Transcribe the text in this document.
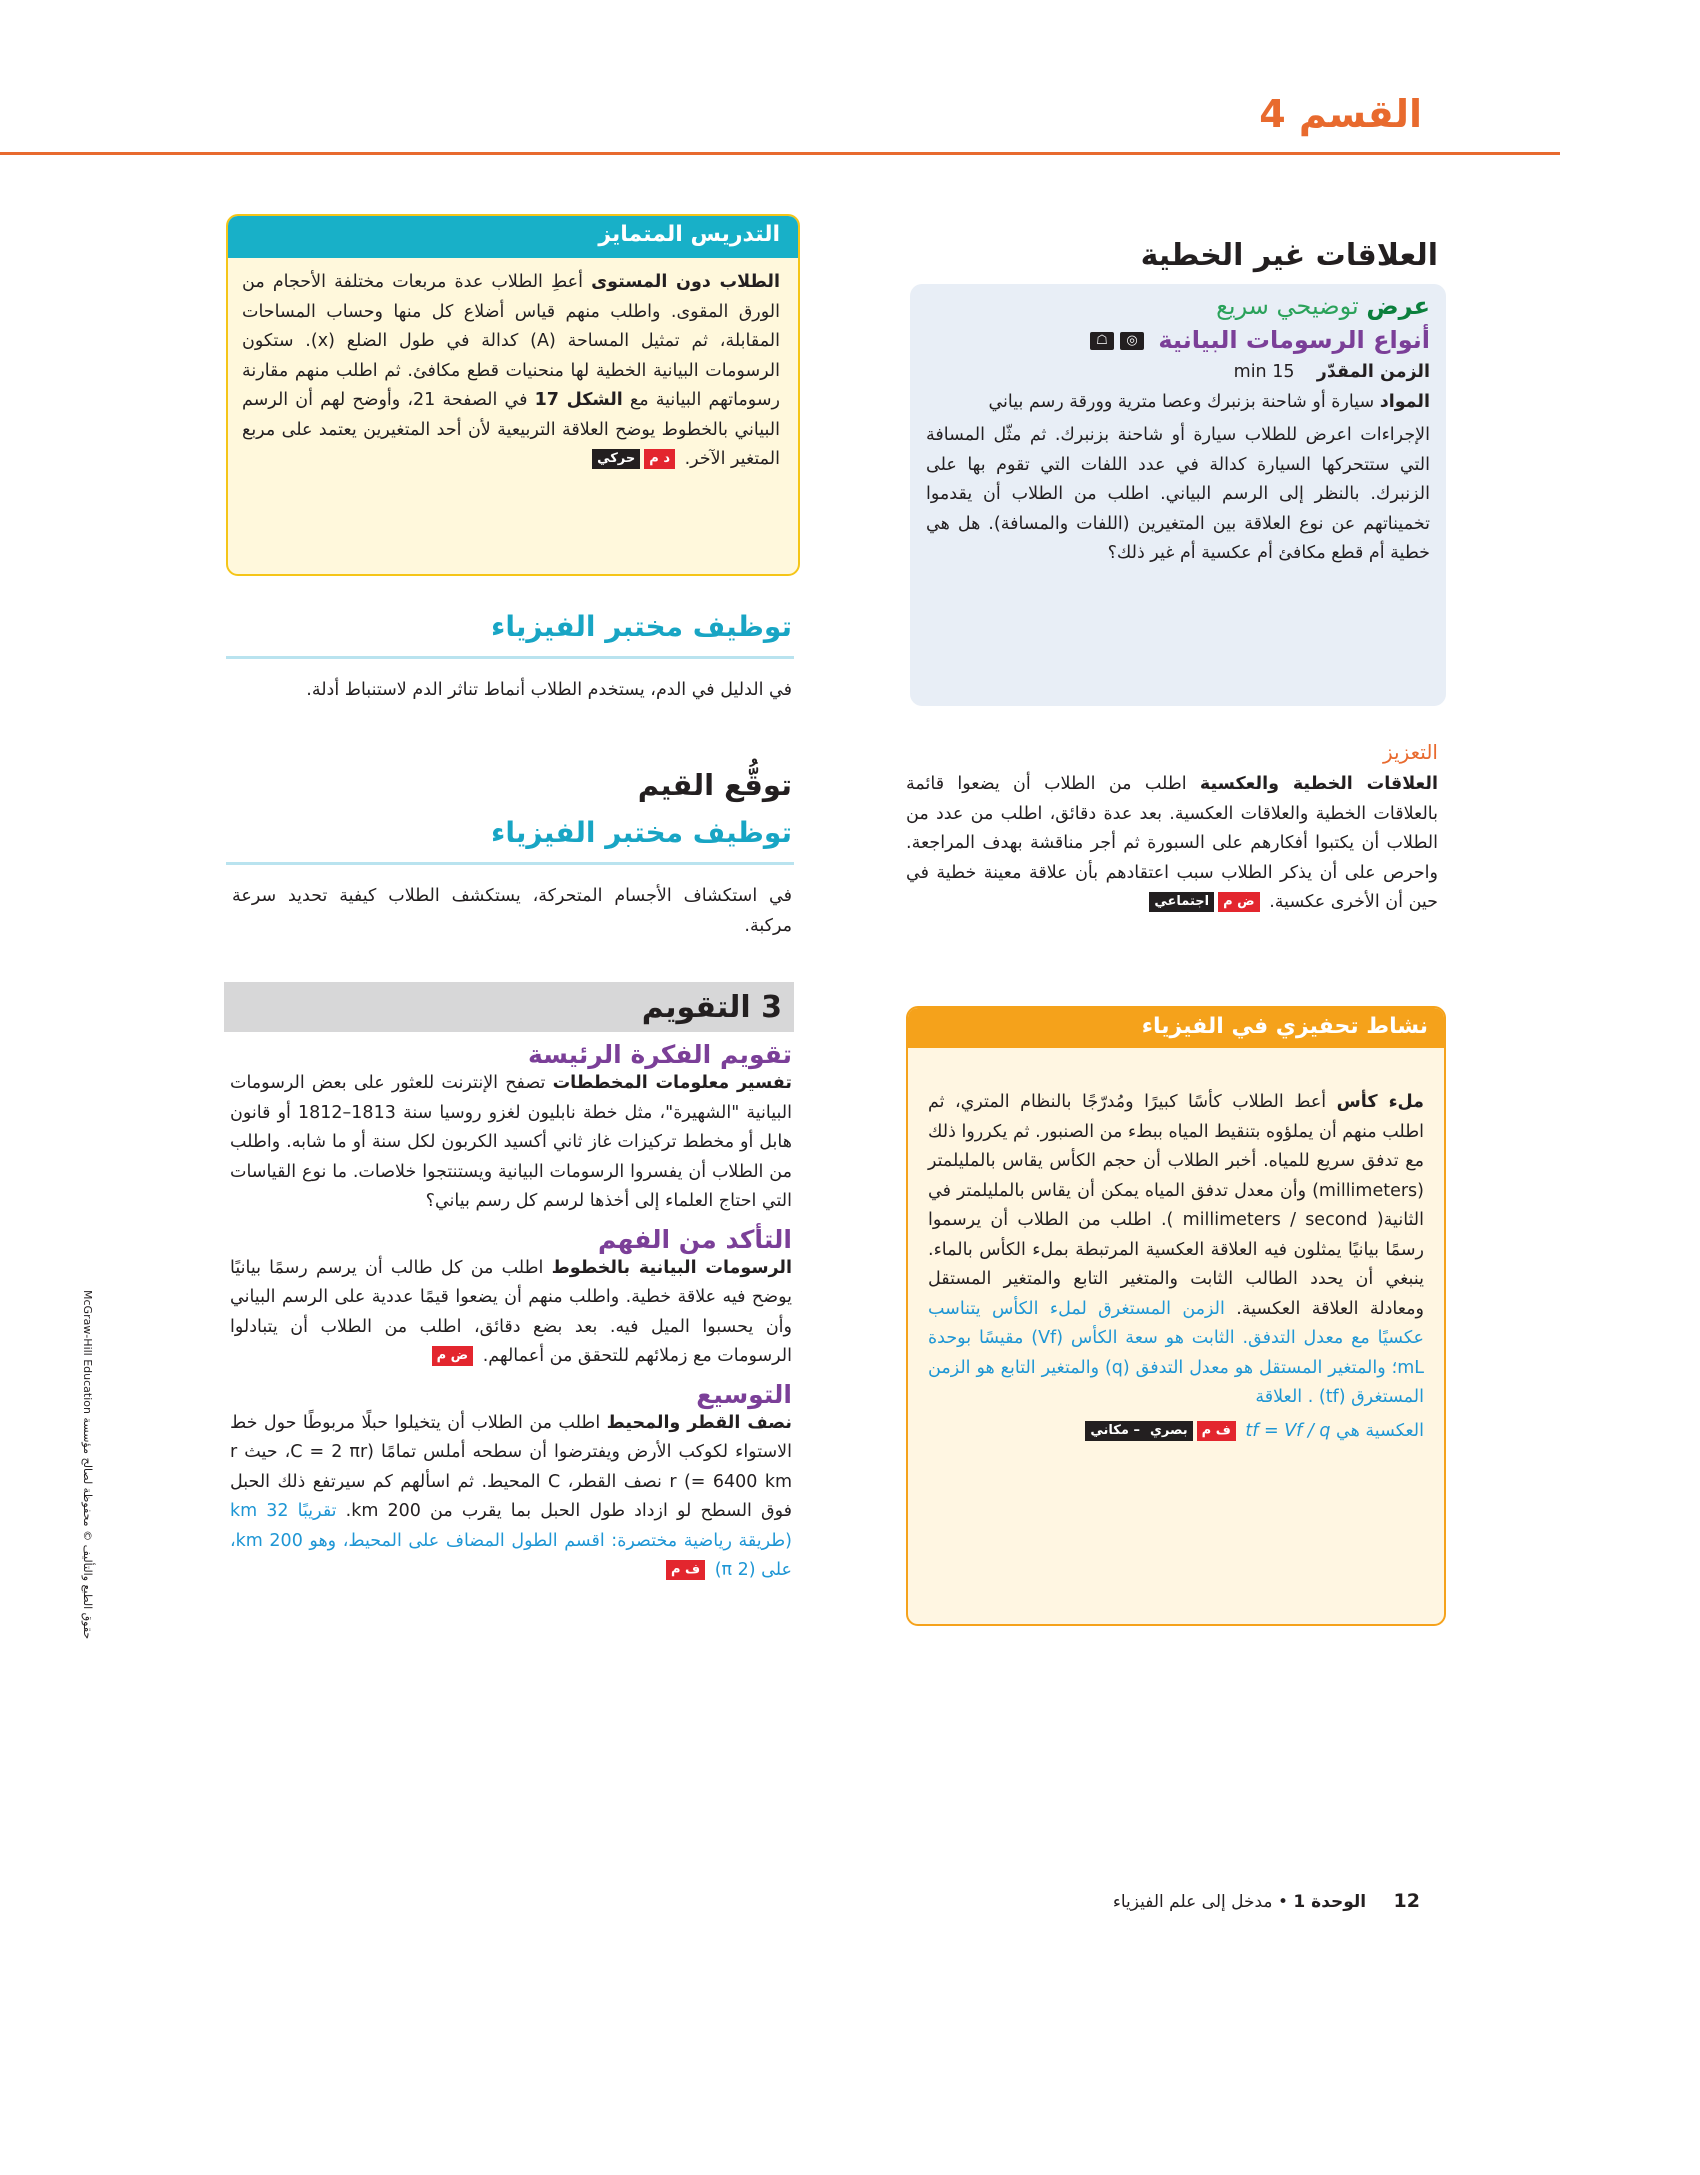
القسم 4
العلاقات غير الخطية

عرض توضيحي سريع

أنواع الرسومات البيانية ◎☖

الزمن المقدّر    15 min

المواد سيارة أو شاحنة بزنبرك وعصا مترية وورقة رسم بياني

الإجراءات اعرض للطلاب سيارة أو شاحنة بزنبرك. ثم مثّل المسافة التي ستتحركها السيارة كدالة في عدد اللفات التي تقوم بها على الزنبرك. بالنظر إلى الرسم البياني. اطلب من الطلاب أن يقدموا تخميناتهم عن نوع العلاقة بين المتغيرين (اللفات والمسافة). هل هي خطية أم قطع مكافئ أم عكسية أم غير ذلك؟

التعزيز

العلاقات الخطية والعكسية اطلب من الطلاب أن يضعوا قائمة بالعلاقات الخطية والعلاقات العكسية. بعد عدة دقائق، اطلب من عدد من الطلاب أن يكتبوا أفكارهم على السبورة ثم أجر مناقشة بهدف المراجعة. واحرص على أن يذكر الطلاب سبب اعتقادهم بأن علاقة معينة خطية في حين أن الأخرى عكسية. ض ماجتماعي

نشاط تحفيزي في الفيزياء

ملء كأس أعط الطلاب كأسًا كبيرًا ومُدرّجًا بالنظام المتري، ثم اطلب منهم أن يملؤوه بتنقيط المياه ببطء من الصنبور. ثم يكرروا ذلك مع تدفق سريع للمياه. أخبر الطلاب أن حجم الكأس يقاس بالمليلمتر (millimeters) وأن معدل تدفق المياه يمكن أن يقاس بالمليلمتر في الثانية( millimeters / second ). اطلب من الطلاب أن يرسموا رسمًا بيانيًا يمثلون فيه العلاقة العكسية المرتبطة بملء الكأس بالماء. ينبغي أن يحدد الطالب الثابت والمتغير التابع والمتغير المستقل ومعادلة العلاقة العكسية. الزمن المستغرق لملء الكأس يتناسب عكسيًا مع معدل التدفق. الثابت هو سعة الكأس (Vf) مقيسًا بوحدة mL؛ والمتغير المستقل هو معدل التدفق (q) والمتغير التابع هو الزمن المستغرق (tf) . العلاقة

العكسية هي tf = Vf / q ف مبصري– مكاني

التدريس المتمايز

الطلاب دون المستوى أعطِ الطلاب عدة مربعات مختلفة الأحجام من الورق المقوى. واطلب منهم قياس أضلاع كل منها وحساب المساحات المقابلة، ثم تمثيل المساحة (A) كدالة في طول الضلع (x). ستكون الرسومات البيانية الخطية لها منحنيات قطع مكافئ. ثم اطلب منهم مقارنة رسوماتهم البيانية مع الشكل 17 في الصفحة 21، وأوضح لهم أن الرسم البياني بالخطوط يوضح العلاقة التربيعية لأن أحد المتغيرين يعتمد على مربع المتغير الآخر. د محركي

توظيف مختبر الفيزياء

في الدليل في الدم، يستخدم الطلاب أنماط تناثر الدم لاستنباط أدلة.

توقُّع القيم

توظيف مختبر الفيزياء

في استكشاف الأجسام المتحركة، يستكشف الطلاب كيفية تحديد سرعة مركبة.

3 التقويم

تقويم الفكرة الرئيسة

تفسير معلومات المخططات تصفح الإنترنت للعثور على بعض الرسومات البيانية "الشهيرة"، مثل خطة نابليون لغزو روسيا سنة 1813–1812 أو قانون هابل أو مخطط تركيزات غاز ثاني أكسيد الكربون لكل سنة أو ما شابه. واطلب من الطلاب أن يفسروا الرسومات البيانية ويستنتجوا خلاصات. ما نوع القياسات التي احتاج العلماء إلى أخذها لرسم كل رسم بياني؟

التأكد من الفهم

الرسومات البيانية بالخطوط اطلب من كل طالب أن يرسم رسمًا بيانيًا يوضح فيه علاقة خطية. واطلب منهم أن يضعوا قيمًا عددية على الرسم البياني وأن يحسبوا الميل فيه. بعد بضع دقائق، اطلب من الطلاب أن يتبادلوا الرسومات مع زملائهم للتحقق من أعمالهم. ض م

التوسيع

نصف القطر والمحيط اطلب من الطلاب أن يتخيلوا حبلًا مربوطًا حول خط الاستواء لكوكب الأرض ويفترضوا أن سطحه أملس تمامًا (C = 2 πr، حيث r = 6400 km) r نصف القطر، C المحيط. ثم اسألهم كم سيرتفع ذلك الحبل فوق السطح لو ازداد طول الحبل بما يقرب من 200 km. تقريبًا 32 km (طريقة رياضية مختصرة: اقسم الطول المضاف على المحيط، وهو 200 km، على (2 π) ف م

حقوق الطبع والتأليف © محفوظة لصالح مؤسسة McGraw-Hill Education

12 الوحدة 1 • مدخل إلى علم الفيزياء
